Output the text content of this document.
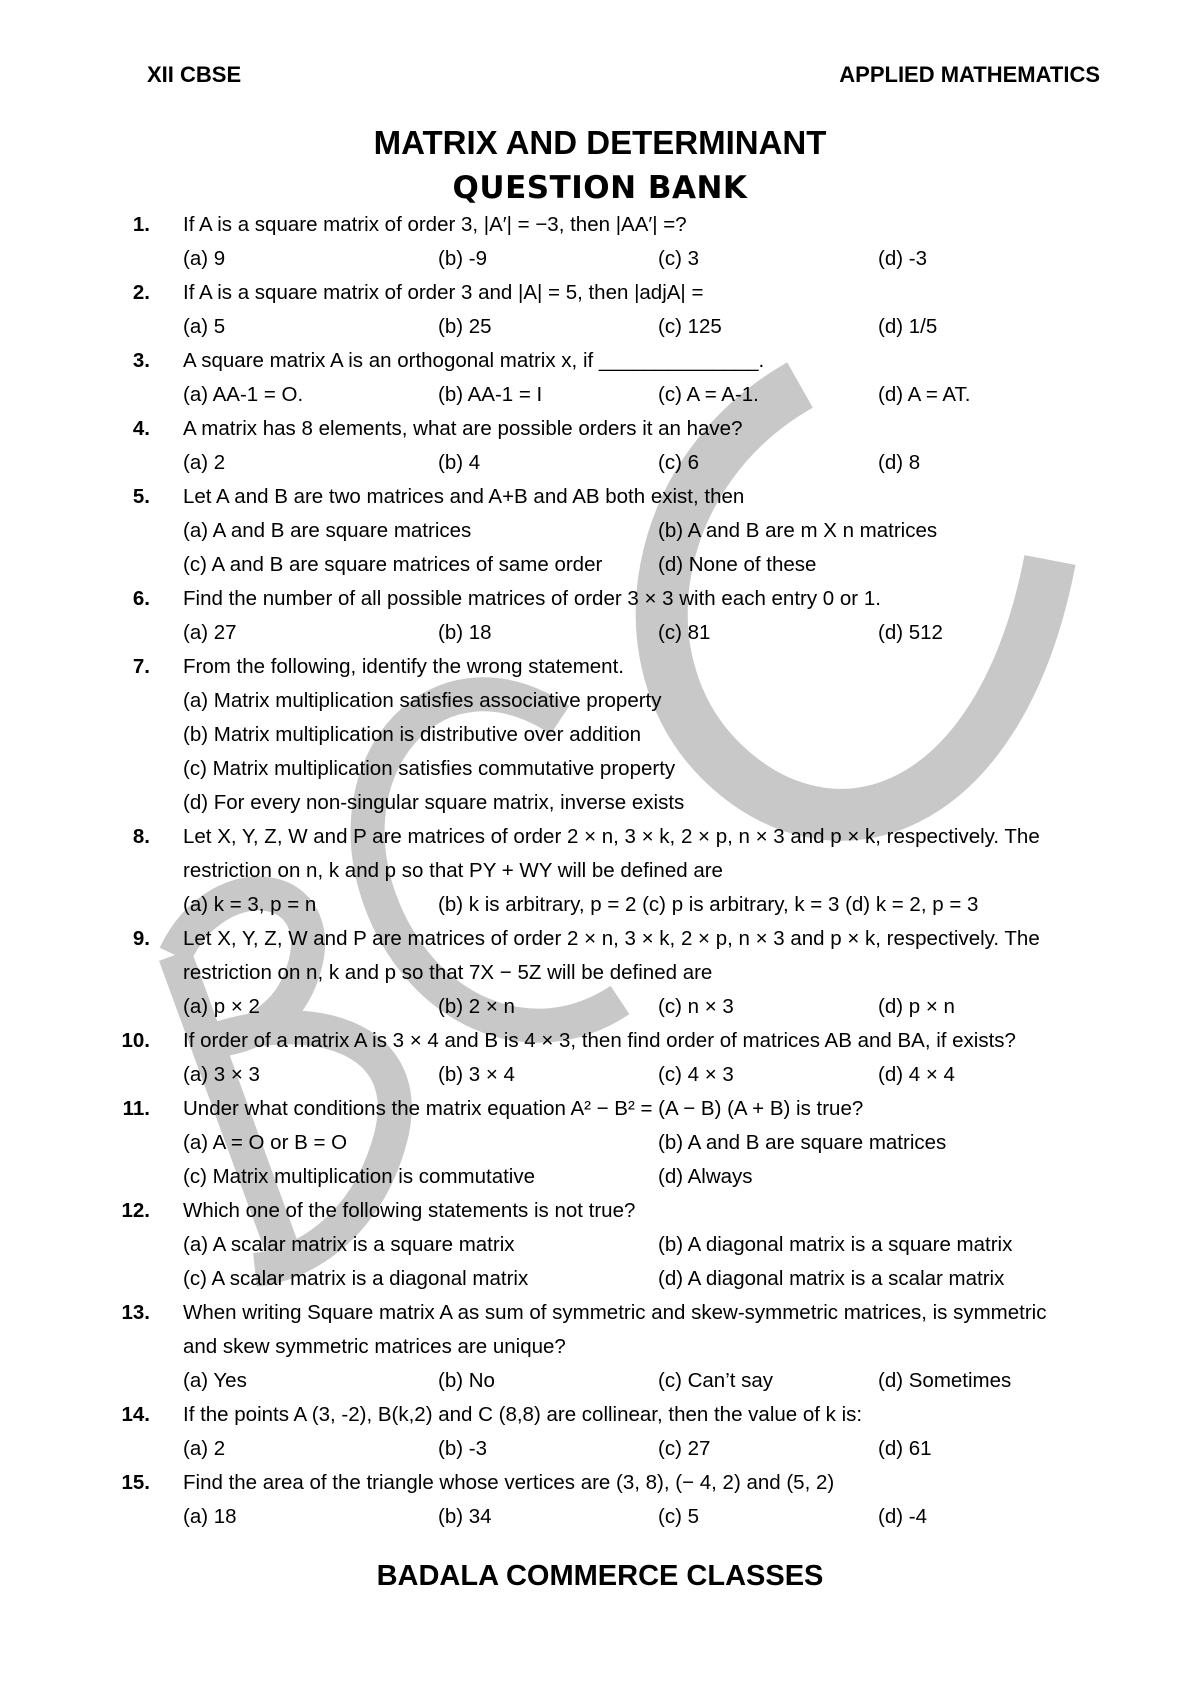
XII CBSE	APPLIED MATHEMATICS
MATRIX AND DETERMINANT
QUESTION BANK
1. If A is a square matrix of order 3, |A′| = −3, then |AA′| =?
(a) 9	(b) -9	(c) 3	(d) -3
2. If A is a square matrix of order 3 and |A| = 5, then |adjA| =
(a) 5	(b) 25	(c) 125	(d) 1/5
3. A square matrix A is an orthogonal matrix x, if ______________.
(a) AA-1 = O.	(b) AA-1 = I	(c) A = A-1.	(d) A = AT.
4. A matrix has 8 elements, what are possible orders it an have?
(a) 2	(b) 4	(c) 6	(d) 8
5. Let A and B are two matrices and A+B and AB both exist, then
(a) A and B are square matrices	(b) A and B are m X n matrices
(c) A and B are square matrices of same order	(d) None of these
6. Find the number of all possible matrices of order 3 × 3 with each entry 0 or 1.
(a) 27	(b) 18	(c) 81	(d) 512
7. From the following, identify the wrong statement.
(a) Matrix multiplication satisfies associative property
(b) Matrix multiplication is distributive over addition
(c) Matrix multiplication satisfies commutative property
(d) For every non-singular square matrix, inverse exists
8. Let X, Y, Z, W and P are matrices of order 2 × n, 3 × k, 2 × p, n × 3 and p × k, respectively. The
restriction on n, k and p so that PY + WY will be defined are
(a) k = 3, p = n	(b) k is arbitrary, p = 2 (c) p is arbitrary, k = 3 (d) k = 2, p = 3
9. Let X, Y, Z, W and P are matrices of order 2 × n, 3 × k, 2 × p, n × 3 and p × k, respectively. The
restriction on n, k and p so that 7X − 5Z will be defined are
(a) p × 2	(b) 2 × n	(c) n × 3	(d) p × n
10. If order of a matrix A is 3 × 4 and B is 4 × 3, then find order of matrices AB and BA, if exists?
(a) 3 × 3	(b) 3 × 4	(c) 4 × 3	(d) 4 × 4
11. Under what conditions the matrix equation A² − B² = (A − B) (A + B) is true?
(a) A = O or B = O	(b) A and B are square matrices
(c) Matrix multiplication is commutative	(d) Always
12. Which one of the following statements is not true?
(a) A scalar matrix is a square matrix	(b) A diagonal matrix is a square matrix
(c) A scalar matrix is a diagonal matrix	(d) A diagonal matrix is a scalar matrix
13. When writing Square matrix A as sum of symmetric and skew-symmetric matrices, is symmetric
and skew symmetric matrices are unique?
(a) Yes	(b) No	(c) Can’t say	(d) Sometimes
14. If the points A (3, -2), B(k,2) and C (8,8) are collinear, then the value of k is:
(a) 2	(b) -3	(c) 27	(d) 61
15. Find the area of the triangle whose vertices are (3, 8), (− 4, 2) and (5, 2)
(a) 18	(b) 34	(c) 5	(d) -4
BADALA COMMERCE CLASSES
